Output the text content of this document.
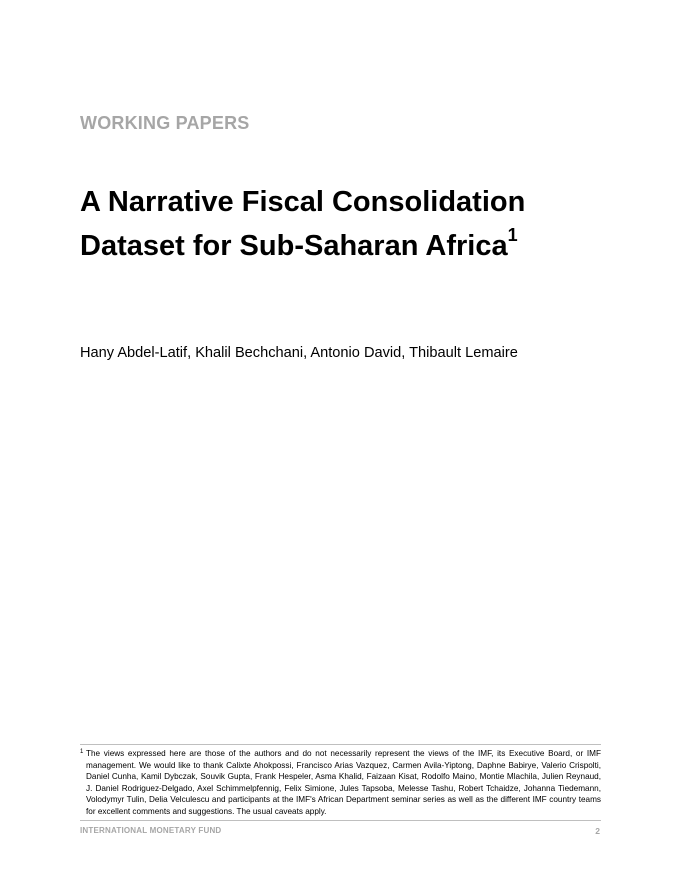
WORKING PAPERS
A Narrative Fiscal Consolidation
Dataset for Sub-Saharan Africa$^1$
Hany Abdel-Latif, Khalil Bechchani, Antonio David, Thibault Lemaire
1 The views expressed here are those of the authors and do not necessarily represent the views of the IMF, its Executive Board, or IMF management. We would like to thank Calixte Ahokpossi, Francisco Arias Vazquez, Carmen Avila-Yiptong, Daphne Babirye, Valerio Crispolti, Daniel Cunha, Kamil Dybczak, Souvik Gupta, Frank Hespeler, Asma Khalid, Faizaan Kisat, Rodolfo Maino, Montie Mlachila, Julien Reynaud, J. Daniel Rodriguez-Delgado, Axel Schimmelpfennig, Felix Simione, Jules Tapsoba, Melesse Tashu, Robert Tchaidze, Johanna Tiedemann, Volodymyr Tulin, Delia Velculescu and participants at the IMF's African Department seminar series as well as the different IMF country teams for excellent comments and suggestions. The usual caveats apply.
INTERNATIONAL MONETARY FUND	2
